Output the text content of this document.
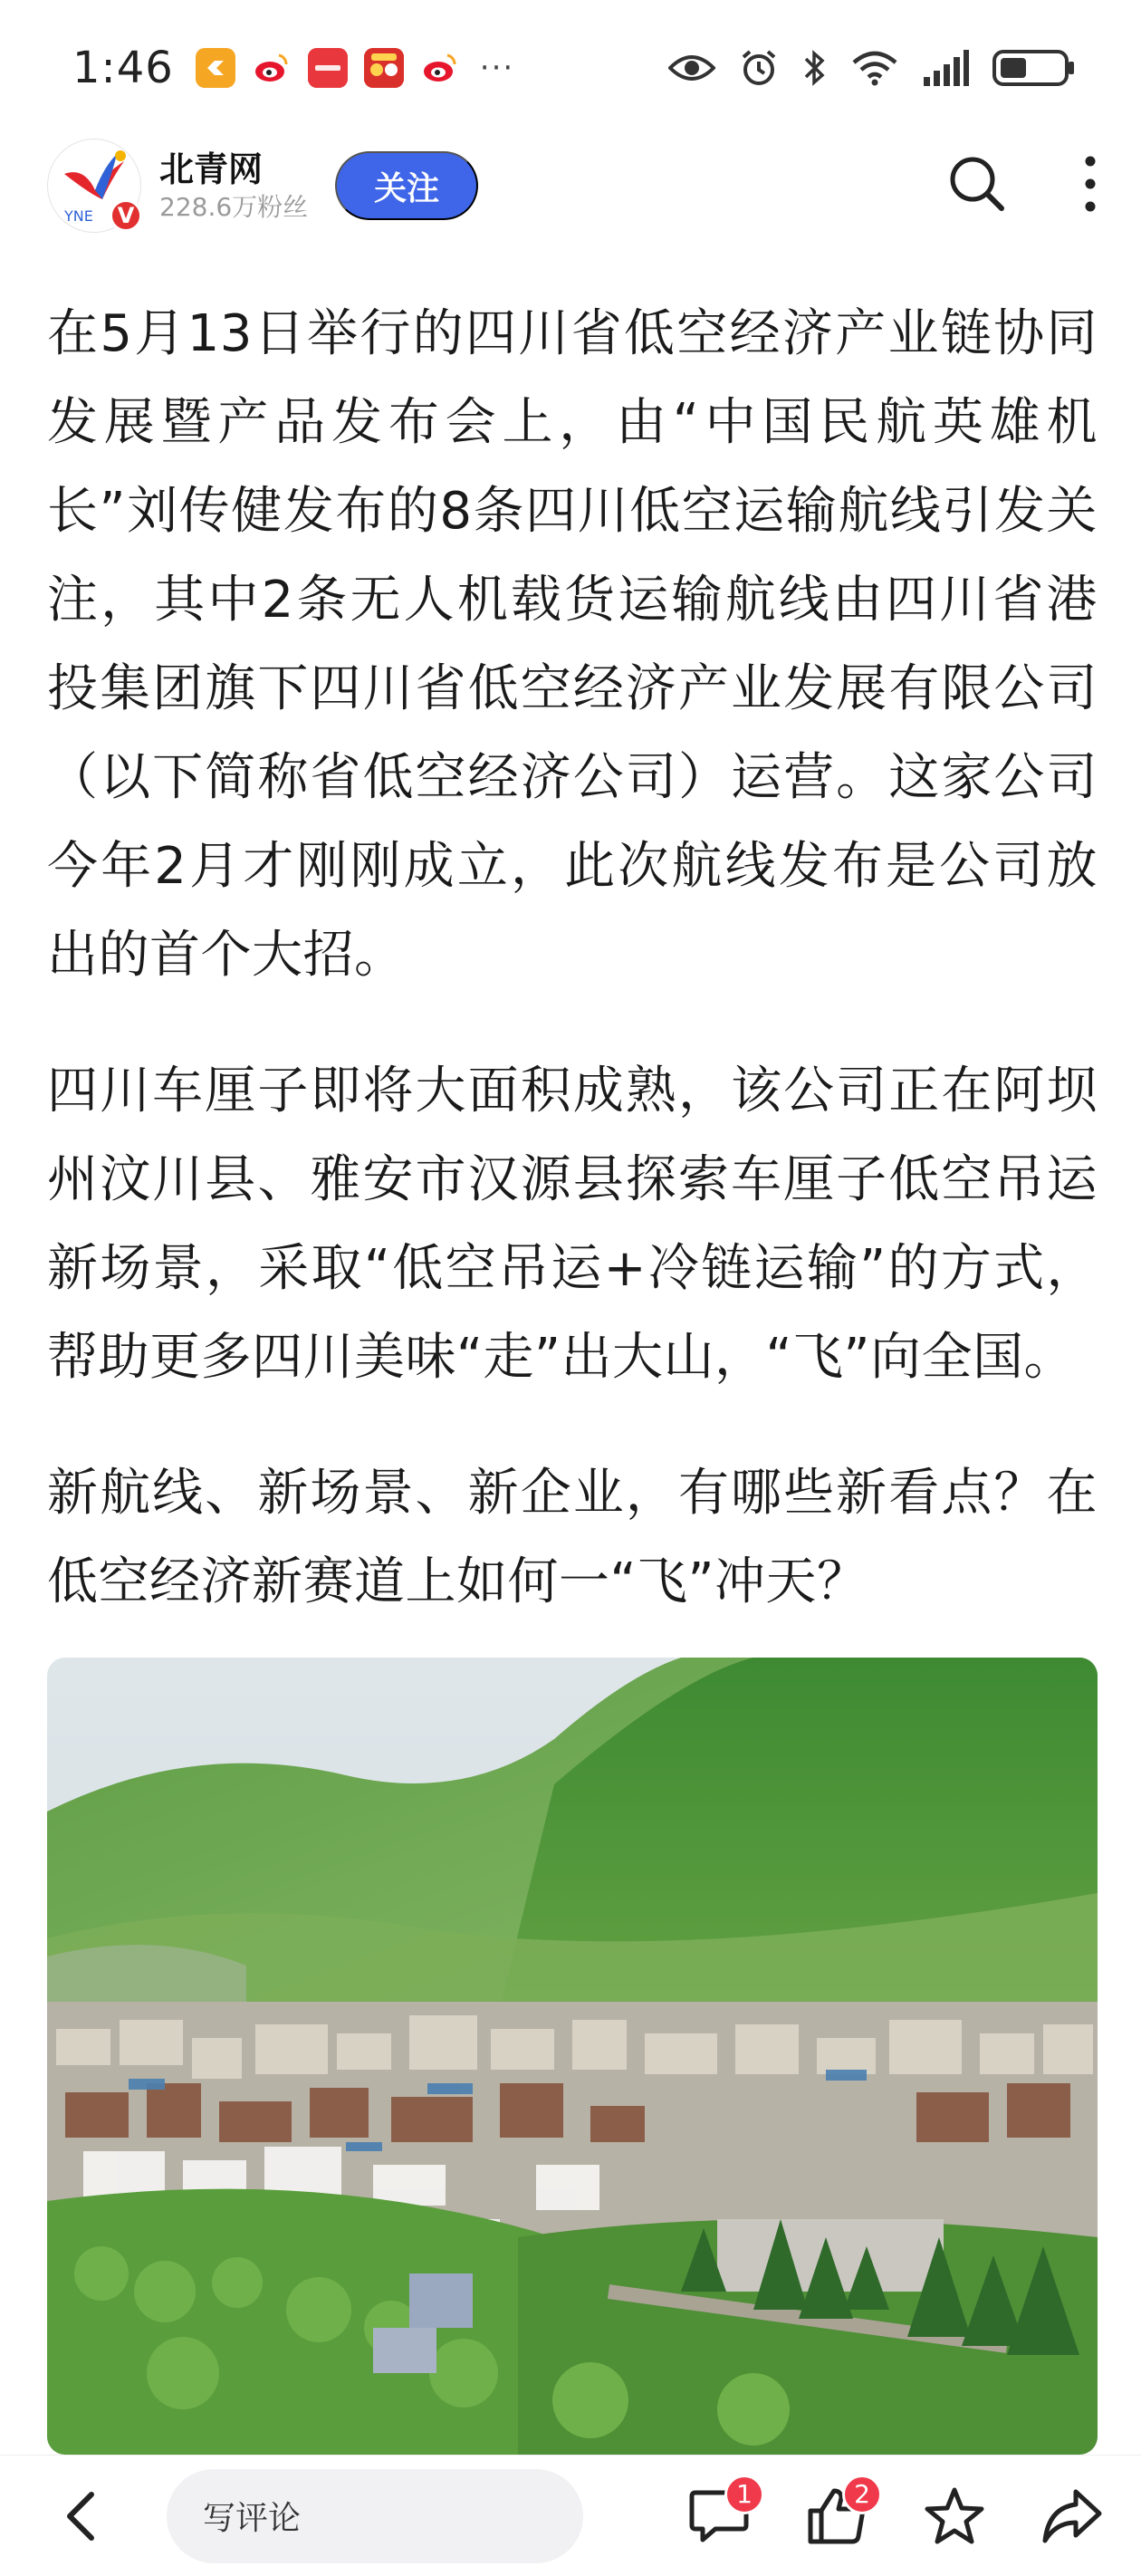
1:46	···
YNE	V
北青网
228.6万粉丝
关注

在5月13日举行的四川省低空经济产业链协同发展暨产品发布会上，由“中国民航英雄机长”刘传健发布的8条四川低空运输航线引发关注，其中2条无人机载货运输航线由四川省港投集团旗下四川省低空经济产业发展有限公司（以下简称省低空经济公司）运营。这家公司今年2月才刚刚成立，此次航线发布是公司放出的首个大招。

四川车厘子即将大面积成熟，该公司正在阿坝州汶川县、雅安市汉源县探索车厘子低空吊运新场景，采取“低空吊运+冷链运输”的方式，帮助更多四川美味“走”出大山，“飞”向全国。

新航线、新场景、新企业，有哪些新看点？在低空经济新赛道上如何一“飞”冲天？

写评论
1	2
